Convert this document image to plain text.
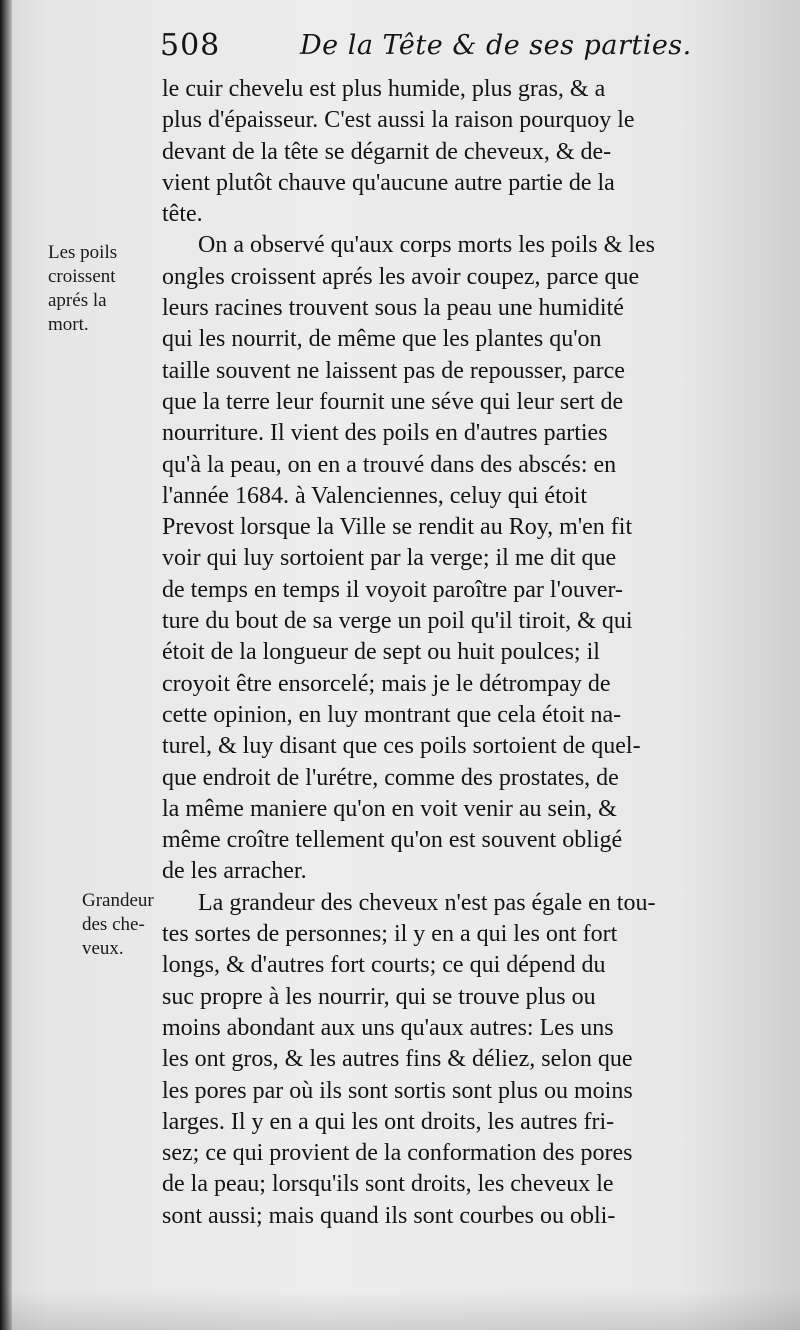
508	De la Tête & de ses parties.
le cuir chevelu est plus humide, plus gras, & a
plus d'épaisseur. C'est aussi la raison pourquoy le
devant de la tête se dégarnit de cheveux, & de-
vient plutôt chauve qu'aucune autre partie de la
tête.
On a observé qu'aux corps morts les poils & les
ongles croissent aprés les avoir coupez, parce que
leurs racines trouvent sous la peau une humidité
qui les nourrit, de même que les plantes qu'on
taille souvent ne laissent pas de repousser, parce
que la terre leur fournit une séve qui leur sert de
nourriture. Il vient des poils en d'autres parties
qu'à la peau, on en a trouvé dans des abscés: en
l'année 1684. à Valenciennes, celuy qui étoit
Prevost lorsque la Ville se rendit au Roy, m'en fit
voir qui luy sortoient par la verge; il me dit que
de temps en temps il voyoit paroître par l'ouver-
ture du bout de sa verge un poil qu'il tiroit, & qui
étoit de la longueur de sept ou huit poulces; il
croyoit être ensorcelé; mais je le détrompay de
cette opinion, en luy montrant que cela étoit na-
turel, & luy disant que ces poils sortoient de quel-
que endroit de l'urétre, comme des prostates, de
la même maniere qu'on en voit venir au sein, &
même croître tellement qu'on est souvent obligé
de les arracher.
La grandeur des cheveux n'est pas égale en tou-
tes sortes de personnes; il y en a qui les ont fort
longs, & d'autres fort courts; ce qui dépend du
suc propre à les nourrir, qui se trouve plus ou
moins abondant aux uns qu'aux autres: Les uns
les ont gros, & les autres fins & déliez, selon que
les pores par où ils sont sortis sont plus ou moins
larges. Il y en a qui les ont droits, les autres fri-
sez; ce qui provient de la conformation des pores
de la peau; lorsqu'ils sont droits, les cheveux le
sont aussi; mais quand ils sont courbes ou obli-
Les poils
croissent
aprés la
mort.
Grandeur
des che-
veux.
